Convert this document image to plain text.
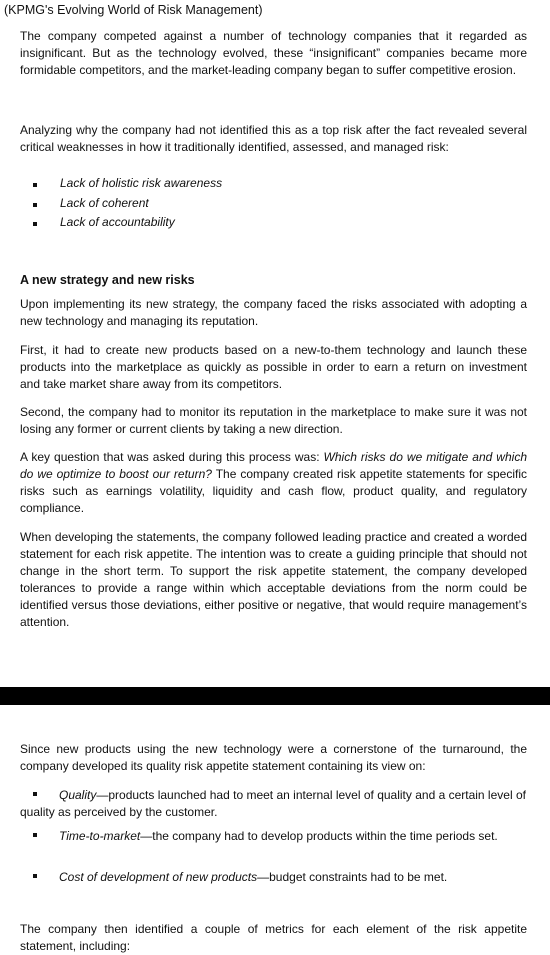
(KPMG's Evolving World of Risk Management)
The company competed against a number of technology companies that it regarded as insignificant. But as the technology evolved, these “insignificant” companies became more formidable competitors, and the market-leading company began to suffer competitive erosion.
Analyzing why the company had not identified this as a top risk after the fact revealed several critical weaknesses in how it traditionally identified, assessed, and managed risk:
Lack of holistic risk awareness
Lack of coherent
Lack of accountability
A new strategy and new risks
Upon implementing its new strategy, the company faced the risks associated with adopting a new technology and managing its reputation.
First, it had to create new products based on a new-to-them technology and launch these products into the marketplace as quickly as possible in order to earn a return on investment and take market share away from its competitors.
Second, the company had to monitor its reputation in the marketplace to make sure it was not losing any former or current clients by taking a new direction.
A key question that was asked during this process was: Which risks do we mitigate and which do we optimize to boost our return? The company created risk appetite statements for specific risks such as earnings volatility, liquidity and cash flow, product quality, and regulatory compliance.
When developing the statements, the company followed leading practice and created a worded statement for each risk appetite. The intention was to create a guiding principle that should not change in the short term. To support the risk appetite statement, the company developed tolerances to provide a range within which acceptable deviations from the norm could be identified versus those deviations, either positive or negative, that would require management’s attention.
Since new products using the new technology were a cornerstone of the turnaround, the company developed its quality risk appetite statement containing its view on:
Quality—products launched had to meet an internal level of quality and a certain level of quality as perceived by the customer.
Time-to-market—the company had to develop products within the time periods set.
Cost of development of new products—budget constraints had to be met.
The company then identified a couple of metrics for each element of the risk appetite statement, including:
